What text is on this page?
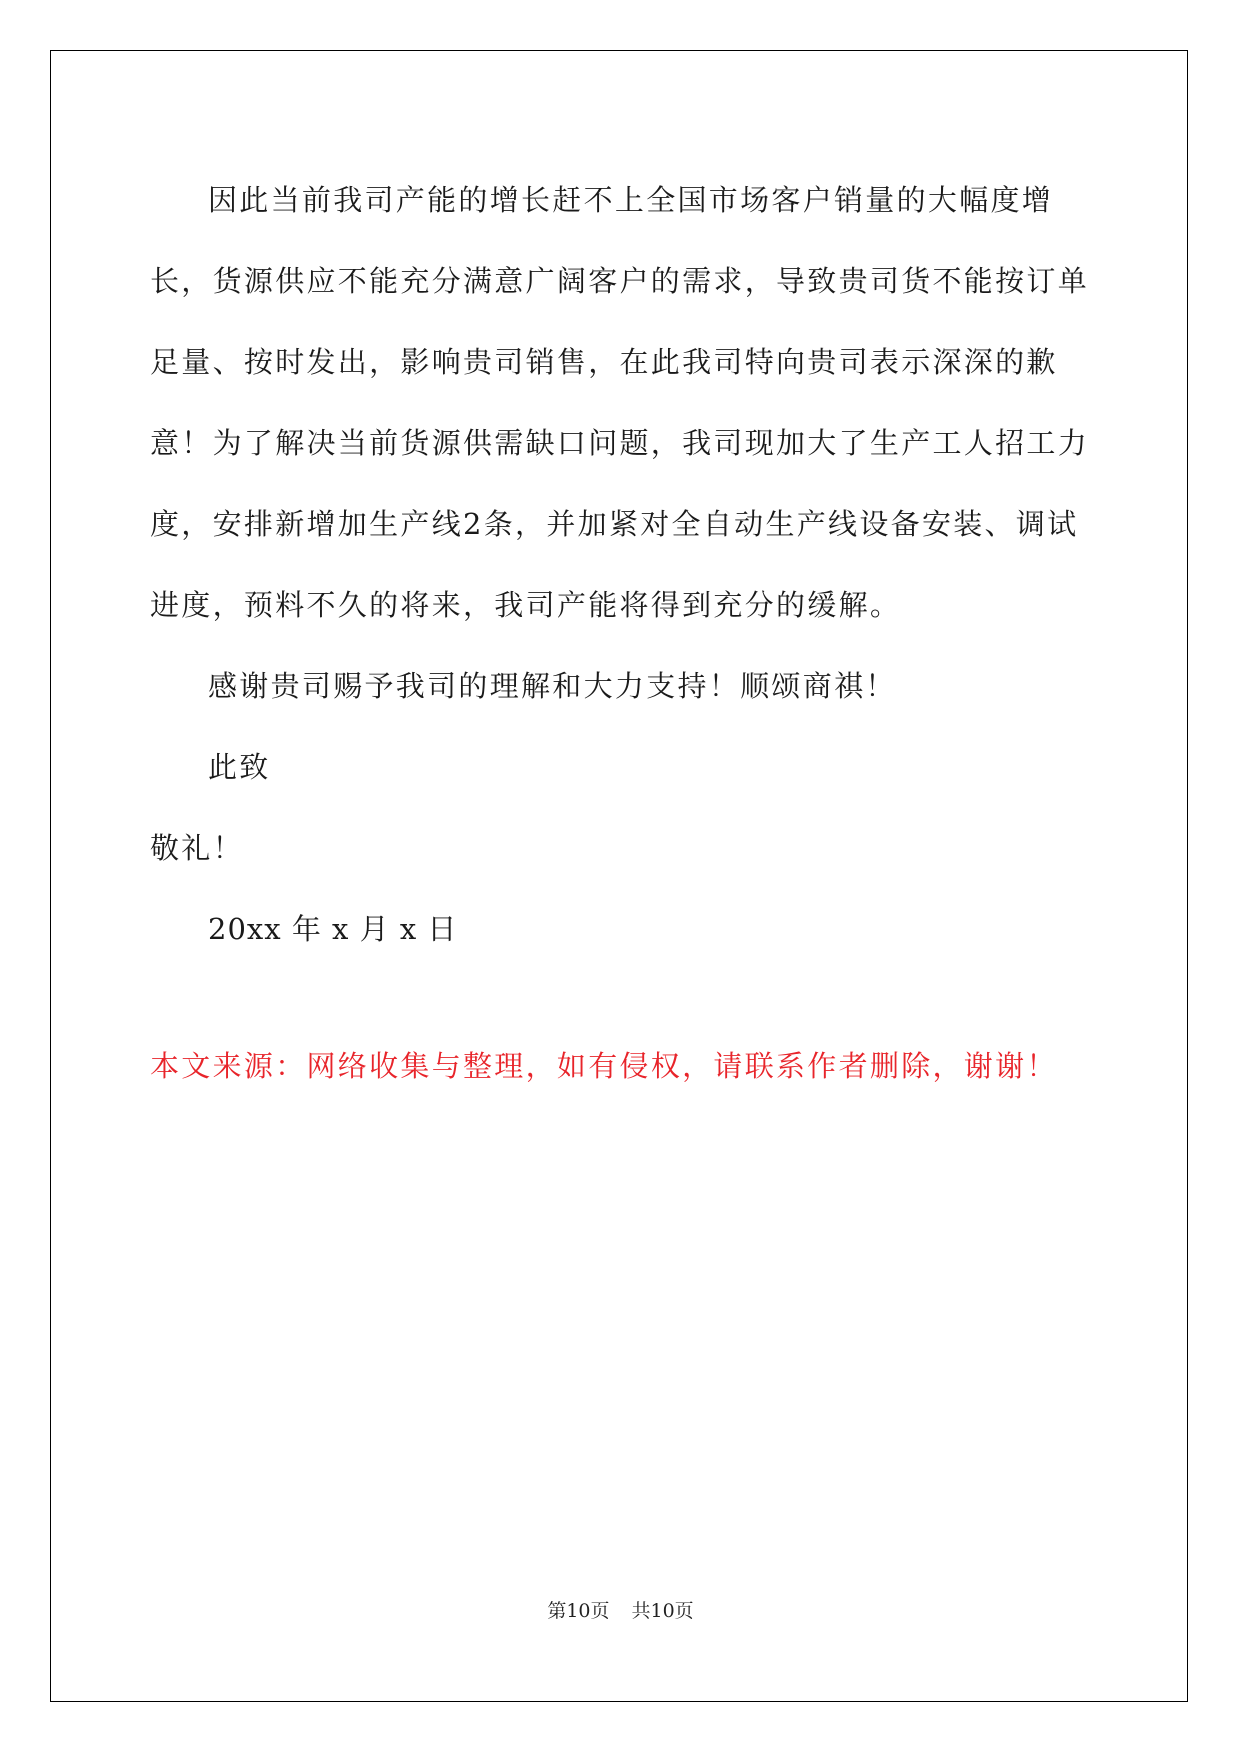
因此当前我司产能的增长赶不上全国市场客户销量的大幅度增长，货源供应不能充分满意广阔客户的需求，导致贵司货不能按订单足量、按时发出，影响贵司销售，在此我司特向贵司表示深深的歉意！为了解决当前货源供需缺口问题，我司现加大了生产工人招工力度，安排新增加生产线2条，并加紧对全自动生产线设备安装、调试进度，预料不久的将来，我司产能将得到充分的缓解。

感谢贵司赐予我司的理解和大力支持！顺颂商祺！

此致

敬礼！

20xx 年 x 月 x 日

本文来源：网络收集与整理，如有侵权，请联系作者删除，谢谢！
第10页 共10页
